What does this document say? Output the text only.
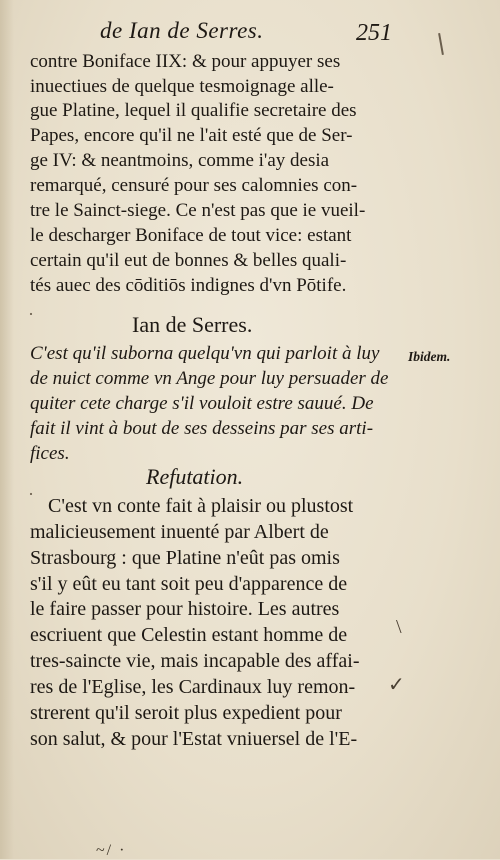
de Ian de Serres.	251
contre Boniface IIX: & pour appuyer ses
inuectiues de quelque tesmoignage alle-
gue Platine, lequel il qualifie secretaire des
Papes, encore qu'il ne l'ait esté que de Ser-
ge IV: & neantmoins, comme i'ay desia
remarqué, censuré pour ses calomnies con-
tre le Sainct-siege. Ce n'est pas que ie vueil-
le descharger Boniface de tout vice: estant
certain qu'il eut de bonnes & belles quali-
tés auec des cōditiōs indignes d'vn Pōtife.
·	Ian de Serres.
Ibidem.
C'est qu'il suborna quelqu'vn qui parloit à luy
de nuict comme vn Ange pour luy persuader de
quiter cete charge s'il vouloit estre sauué. De
fait il vint à bout de ses desseins par ses arti-
fices.
Refutation.
·
C'est vn conte fait à plaisir ou plustost
malicieusement inuenté par Albert de
Strasbourg : que Platine n'eût pas omis
s'il y eût eu tant soit peu d'apparence de
le faire passer pour histoire. Les autres
escriuent que Celestin estant homme de
tres-saincte vie, mais incapable des affai-
res de l'Eglise, les Cardinaux luy remon-
strerent qu'il seroit plus expedient pour
son salut, & pour l'Estat vniuersel de l'E-
\
✓
~/ ·
